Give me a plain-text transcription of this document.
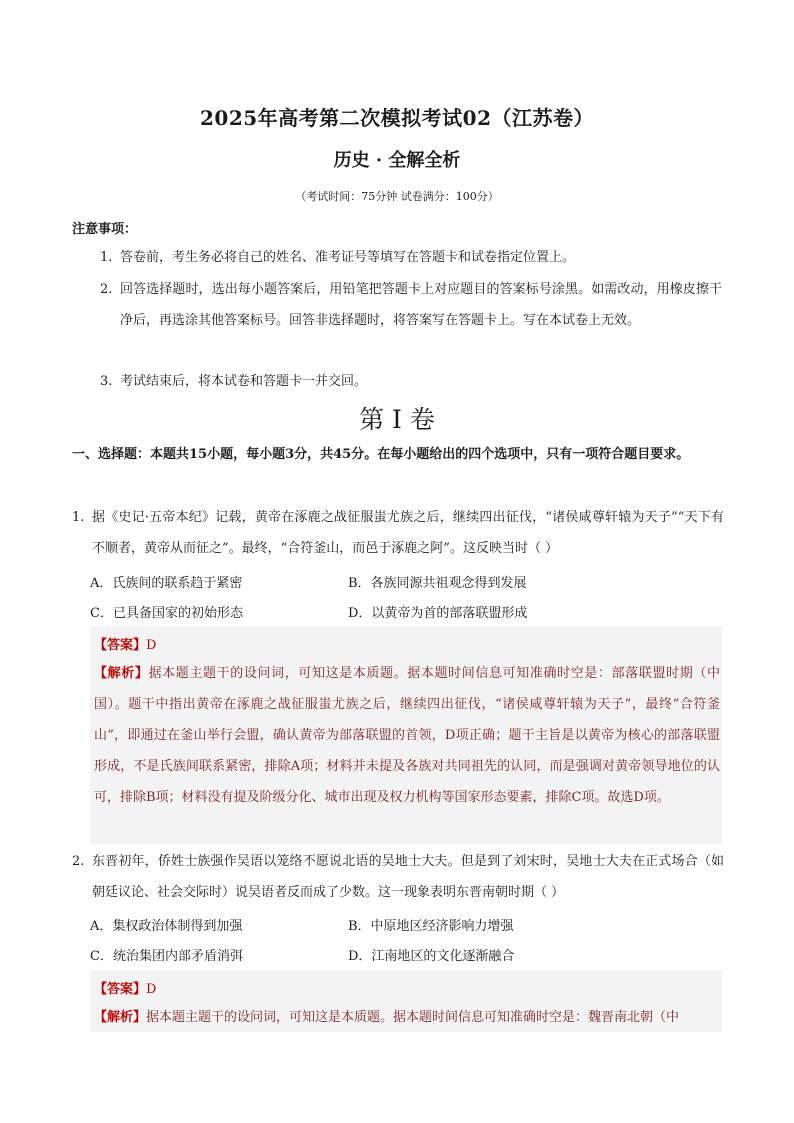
2025年高考第二次模拟考试02（江苏卷）
历史 · 全解全析
（考试时间：75分钟 试卷满分：100分）
注意事项：
1. 答卷前，考生务必将自己的姓名、准考证号等填写在答题卡和试卷指定位置上。
2. 回答选择题时，选出每小题答案后，用铅笔把答题卡上对应题目的答案标号涂黑。如需改动，用橡皮擦干净后，再选涂其他答案标号。回答非选择题时，将答案写在答题卡上。写在本试卷上无效。
3. 考试结束后，将本试卷和答题卡一并交回。
第 I 卷
一、选择题：本题共15小题，每小题3分，共45分。在每小题给出的四个选项中，只有一项符合题目要求。
1. 据《史记·五帝本纪》记载，黄帝在涿鹿之战征服蚩尤族之后，继续四出征伐，“诸侯咸尊轩辕为天子”“天下有不顺者，黄帝从而征之”。最终，“合符釜山，而邑于涿鹿之阿”。这反映当时（ ）
A．氏族间的联系趋于紧密	B．各族同源共祖观念得到发展
C．已具备国家的初始形态	D．以黄帝为首的部落联盟形成
【答案】D
【解析】据本题主题干的设问词，可知这是本质题。据本题时间信息可知准确时空是：部落联盟时期（中国）。题干中指出黄帝在涿鹿之战征服蚩尤族之后，继续四出征伐，“诸侯咸尊轩辕为天子”，最终“合符釜山”，即通过在釜山举行会盟，确认黄帝为部落联盟的首领，D项正确；题干主旨是以黄帝为核心的部落联盟形成，不是氏族间联系紧密，排除A项；材料并未提及各族对共同祖先的认同，而是强调对黄帝领导地位的认可，排除B项；材料没有提及阶级分化、城市出现及权力机构等国家形态要素，排除C项。故选D项。
2. 东晋初年，侨姓士族强作吴语以笼络不愿说北语的吴地士大夫。但是到了刘宋时，吴地士大夫在正式场合（如朝廷议论、社会交际时）说吴语者反而成了少数。这一现象表明东晋南朝时期（ ）
A．集权政治体制得到加强	B．中原地区经济影响力增强
C．统治集团内部矛盾消弭	D．江南地区的文化逐渐融合
【答案】D
【解析】据本题主题干的设问词，可知这是本质题。据本题时间信息可知准确时空是：魏晋南北朝（中
